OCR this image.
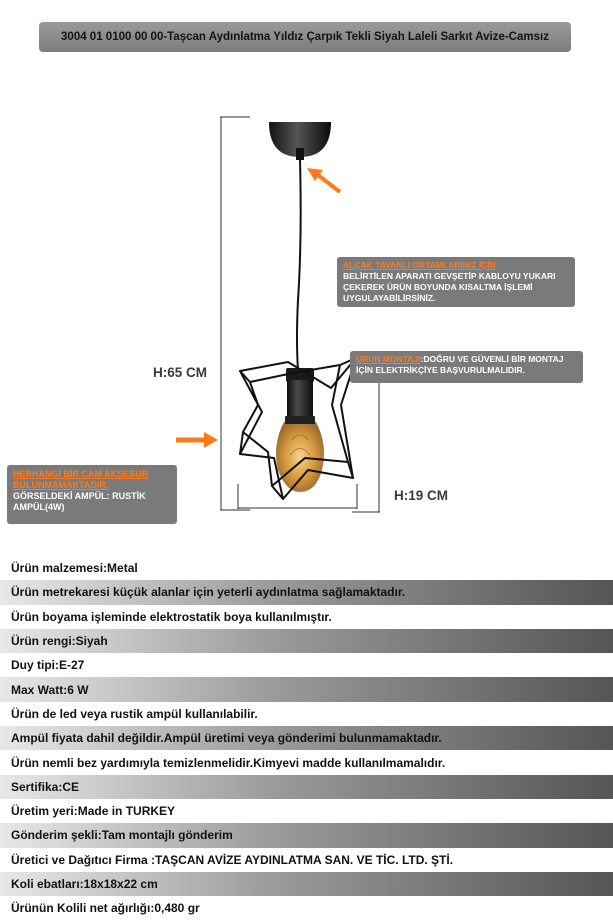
3004 01 0100 00 00-Taşcan Aydınlatma Yıldız Çarpık Tekli Siyah Laleli Sarkıt Avize-Camsız
ALÇAK TAVANLI ORTAMLARINIZ İÇİN
BELİRTİLEN APARATI GEVŞETİP KABLOYU YUKARI ÇEKEREK ÜRÜN BOYUNDA KISALTMA İŞLEMİ UYGULAYABİLİRSİNİZ.
ÜRÜN MONTAJI:DOĞRU VE GÜVENLİ BİR MONTAJ İÇİN ELEKTRİKÇİYE BAŞVURULMALIDIR.
HERHANGİ BİR CAM AKSESUR BULUNMAMAKTADIR.
GÖRSELDEKİ AMPÜL: RUSTİK AMPÜL(4W)
H:65 CM
H:19 CM
Ürün malzemesi:Metal
Ürün metrekaresi küçük alanlar için yeterli aydınlatma sağlamaktadır.
Ürün boyama işleminde elektrostatik boya kullanılmıştır.
Ürün rengi:Siyah
Duy tipi:E-27
Max Watt:6 W
Ürün de led veya rustik ampül kullanılabilir.
Ampül fiyata dahil değildir.Ampül üretimi veya gönderimi bulunmamaktadır.
Ürün nemli bez yardımıyla temizlenmelidir.Kimyevi madde kullanılmamalıdır.
Sertifika:CE
Üretim yeri:Made in TURKEY
Gönderim şekli:Tam montajlı gönderim
Üretici ve Dağıtıcı Firma :TAŞCAN AVİZE AYDINLATMA SAN. VE TİC. LTD. ŞTİ.
Koli ebatları:18x18x22 cm
Ürünün Kolili net ağırlığı:0,480 gr
